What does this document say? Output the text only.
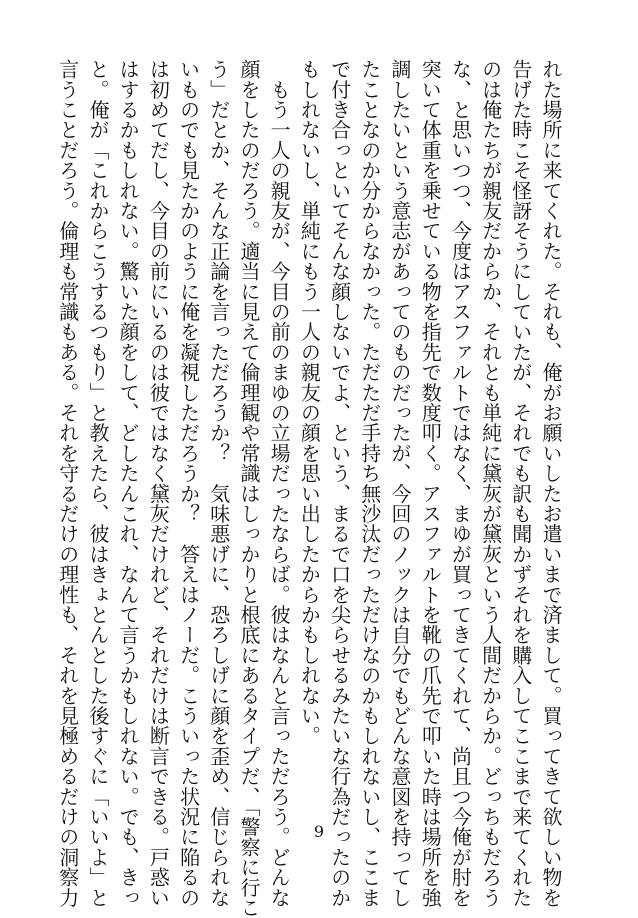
れた場所に来てくれた。それも、俺がお願いしたお遣いまで済まして。買ってきて欲しい物を
告げた時こそ怪訝そうにしていたが、それでも訳も聞かずそれを購入してここまで来てくれた
のは俺たちが親友だからか、それとも単純に黛灰が黛灰という人間だからか。どっちもだろう
な、と思いつつ、今度はアスファルトではなく、まゆが買ってきてくれて、尚且つ今俺が肘を
突いて体重を乗せている物を指先で数度叩く。アスファルトを靴の爪先で叩いた時は場所を強
調したいという意志があってのものだったが、今回のノックは自分でもどんな意図を持ってし
たことなのか分からなかった。ただただ手持ち無沙汰だっただけなのかもしれないし、ここま
で付き合っといてそんな顔しないでよ、という、まるで口を尖らせるみたいな行為だったのか
もしれないし、単純にもう一人の親友の顔を思い出したからかもしれない。
　もう一人の親友が、今目の前のまゆの立場だったならば。彼はなんと言っただろう。どんな
顔をしたのだろう。適当に見えて倫理観や常識はしっかりと根底にあるタイプだ、「警察に行こ
う」だとか、そんな正論を言っただろうか？　気味悪げに、恐ろしげに顔を歪め、信じられな
いものでも見たかのように俺を凝視しただろうか？　答えはノーだ。こういった状況に陥るの
は初めてだし、今目の前にいるのは彼ではなく黛灰だけれど、それだけは断言できる。戸惑い
はするかもしれない。驚いた顔をして、どしたんこれ、なんて言うかもしれない。でも、きっ
と。俺が「これからこうするつもり」と教えたら、彼はきょとんとした後すぐに「いいよ」と
言うことだろう。倫理も常識もある。それを守るだけの理性も、それを見極めるだけの洞察力	9
